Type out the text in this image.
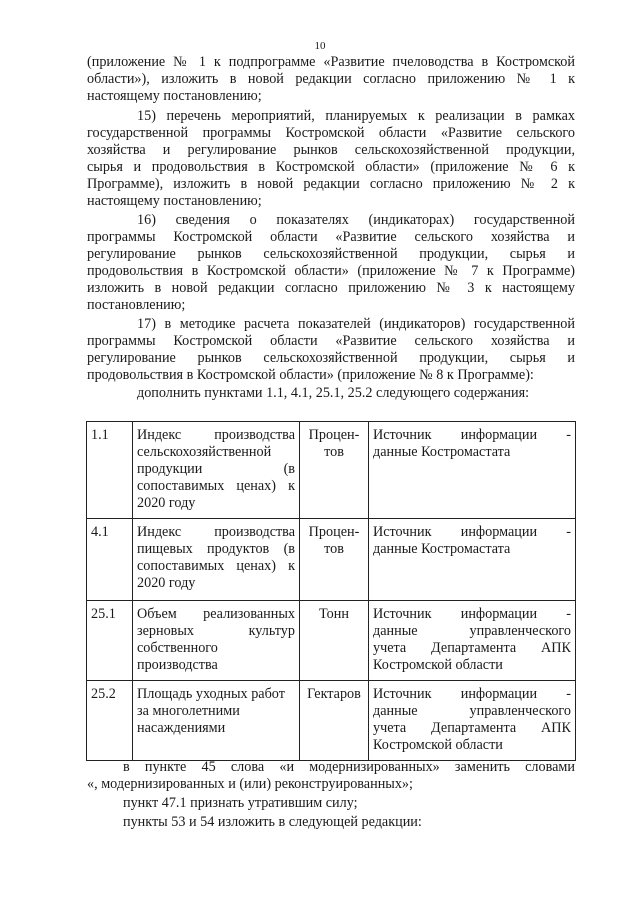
10
(приложение № 1 к подпрограмме «Развитие пчеловодства в Костромской
области»), изложить в новой редакции согласно приложению № 1 к
настоящему постановлению;
15) перечень мероприятий, планируемых к реализации в рамках
государственной программы Костромской области «Развитие сельского
хозяйства и регулирование рынков сельскохозяйственной продукции,
сырья и продовольствия в Костромской области» (приложение № 6 к
Программе), изложить в новой редакции согласно приложению № 2 к
настоящему постановлению;
16) сведения о показателях (индикаторах) государственной
программы Костромской области «Развитие сельского хозяйства и
регулирование рынков сельскохозяйственной продукции, сырья и
продовольствия в Костромской области» (приложение № 7 к Программе)
изложить в новой редакции согласно приложению № 3 к настоящему
постановлению;
17) в методике расчета показателей (индикаторов) государственной
программы Костромской области «Развитие сельского хозяйства и
регулирование рынков сельскохозяйственной продукции, сырья и
продовольствия в Костромской области» (приложение № 8 к Программе):
дополнить пунктами 1.1, 4.1, 25.1, 25.2 следующего содержания:
1.1	Индекс производства
сельскохозяйственной
продукции (в
сопоставимых ценах) к
2020 году	Процен-
тов	Источник информации -
данные Костромастата

4.1	Индекс производства
пищевых продуктов (в
сопоставимых ценах) к
2020 году	Процен-
тов	Источник информации -
данные Костромастата

25.1	Объем реализованных
зерновых культур
собственного
производства	Тонн	Источник информации -
данные управленческого
учета Департамента АПК
Костромской области

25.2	Площадь уходных работ
за многолетними
насаждениями	Гектаров	Источник информации -
данные управленческого
учета Департамента АПК
Костромской области
в пункте 45 слова «и модернизированных» заменить словами
«, модернизированных и (или) реконструированных»;
пункт 47.1 признать утратившим силу;
пункты 53 и 54 изложить в следующей редакции:
